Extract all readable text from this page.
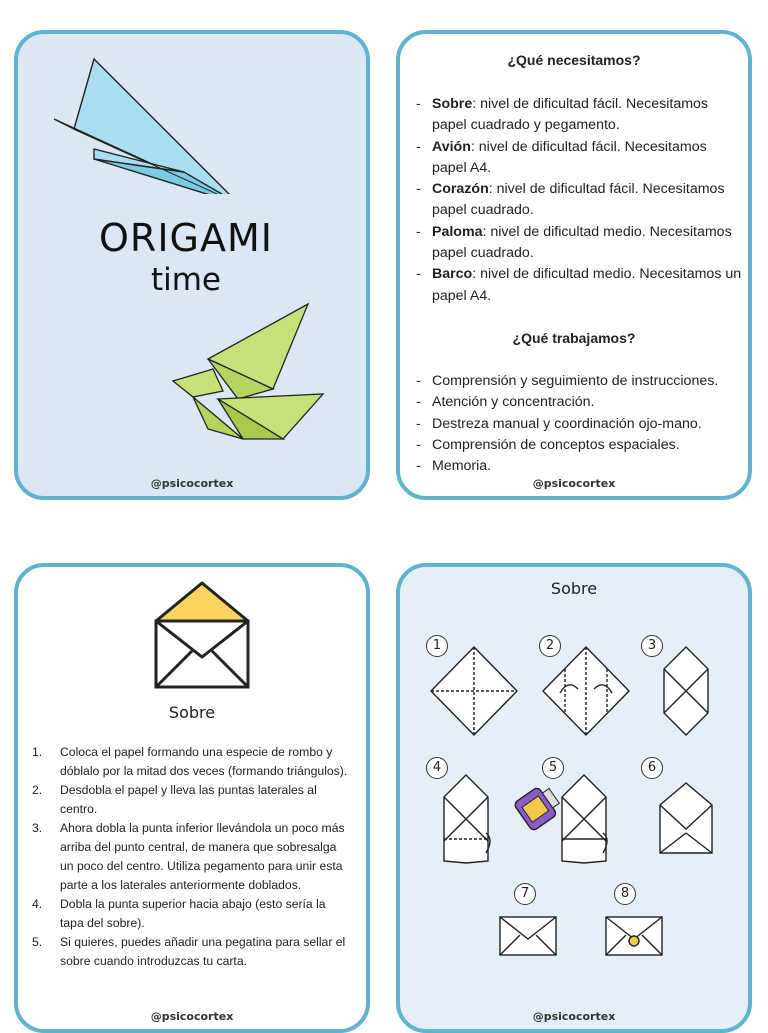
ORIGAMI
time
@psicocortex

¿Qué necesitamos?

- Sobre: nivel de dificultad fácil. Necesitamos papel cuadrado y pegamento.
- Avión: nivel de dificultad fácil. Necesitamos papel A4.
- Corazón: nivel de dificultad fácil. Necesitamos papel cuadrado.
- Paloma: nivel de dificultad medio. Necesitamos papel cuadrado.
- Barco: nivel de dificultad medio. Necesitamos un papel A4.

¿Qué trabajamos?

- Comprensión y seguimiento de instrucciones.
- Atención y concentración.
- Destreza manual y coordinación ojo-mano.
- Comprensión de conceptos espaciales.
- Memoria.
@psicocortex
Sobre
1. Coloca el papel formando una especie de rombo y dóblalo por la mitad dos veces (formando triángulos).
2. Desdobla el papel y lleva las puntas laterales al centro.
3. Ahora dobla la punta inferior llevándola un poco más arriba del punto central, de manera que sobresalga un poco del centro. Utiliza pegamento para unir esta parte a los laterales anteriormente doblados.
4. Dobla la punta superior hacia abajo (esto sería la tapa del sobre).
5. Si quieres, puedes añadir una pegatina para sellar el sobre cuando introduzcas tu carta.
@psicocortex
Sobre
1	2	3
4	5	6
7	8
@psicocortex
